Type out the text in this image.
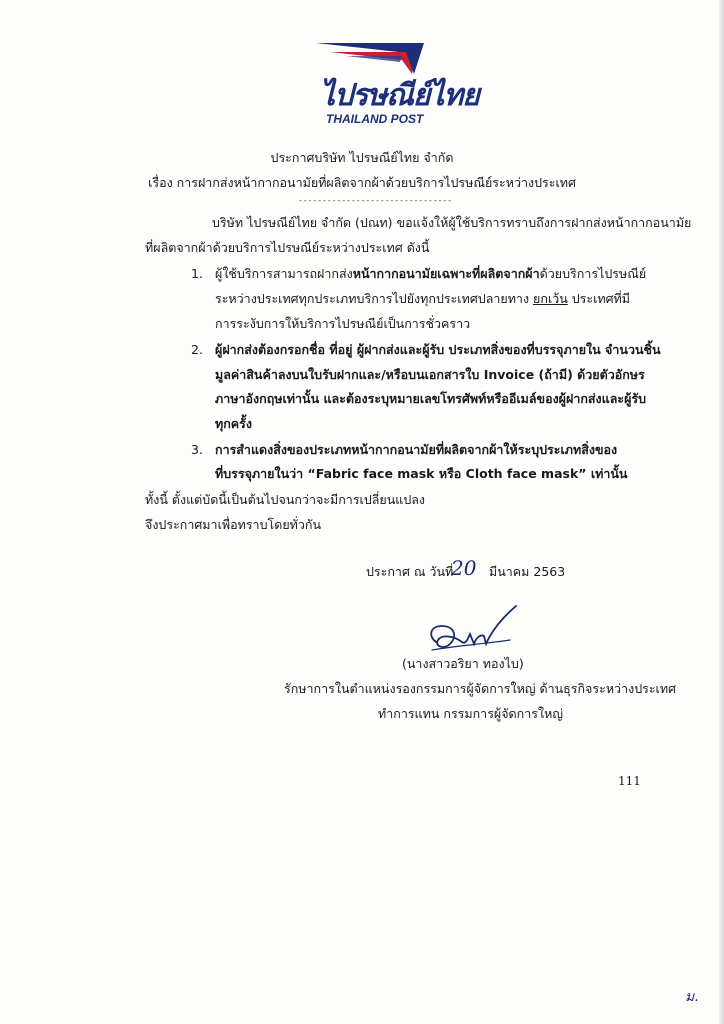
ไปรษณีย์ไทย
THAILAND POST
ประกาศบริษัท ไปรษณีย์ไทย จำกัด
เรื่อง การฝากส่งหน้ากากอนามัยที่ผลิตจากผ้าด้วยบริการไปรษณีย์ระหว่างประเทศ
--------------------------------
บริษัท ไปรษณีย์ไทย จำกัด (ปณท) ขอแจ้งให้ผู้ใช้บริการทราบถึงการฝากส่งหน้ากากอนามัย
ที่ผลิตจากผ้าด้วยบริการไปรษณีย์ระหว่างประเทศ ดังนี้
1. ผู้ใช้บริการสามารถฝากส่งหน้ากากอนามัยเฉพาะที่ผลิตจากผ้าด้วยบริการไปรษณีย์
ระหว่างประเทศทุกประเภทบริการไปยังทุกประเทศปลายทาง ยกเว้น ประเทศที่มี
การระงับการให้บริการไปรษณีย์เป็นการชั่วคราว
2. ผู้ฝากส่งต้องกรอกชื่อ ที่อยู่ ผู้ฝากส่งและผู้รับ ประเภทสิ่งของที่บรรจุภายใน จำนวนชิ้น
มูลค่าสินค้าลงบนใบรับฝากและ/หรือบนเอกสารใบ Invoice (ถ้ามี) ด้วยตัวอักษร
ภาษาอังกฤษเท่านั้น และต้องระบุหมายเลขโทรศัพท์หรืออีเมล์ของผู้ฝากส่งและผู้รับ
ทุกครั้ง
3. การสำแดงสิ่งของประเภทหน้ากากอนามัยที่ผลิตจากผ้าให้ระบุประเภทสิ่งของ
ที่บรรจุภายในว่า “Fabric face mask หรือ Cloth face mask” เท่านั้น
ทั้งนี้ ตั้งแต่บัดนี้เป็นต้นไปจนกว่าจะมีการเปลี่ยนแปลง
จึงประกาศมาเพื่อทราบโดยทั่วกัน
ประกาศ ณ วันที่
20 มีนาคม 2563
(นางสาวอริยา ทองไบ)
รักษาการในตำแหน่งรองกรรมการผู้จัดการใหญ่ ด้านธุรกิจระหว่างประเทศ
ทำการแทน กรรมการผู้จัดการใหญ่
111
ม.
